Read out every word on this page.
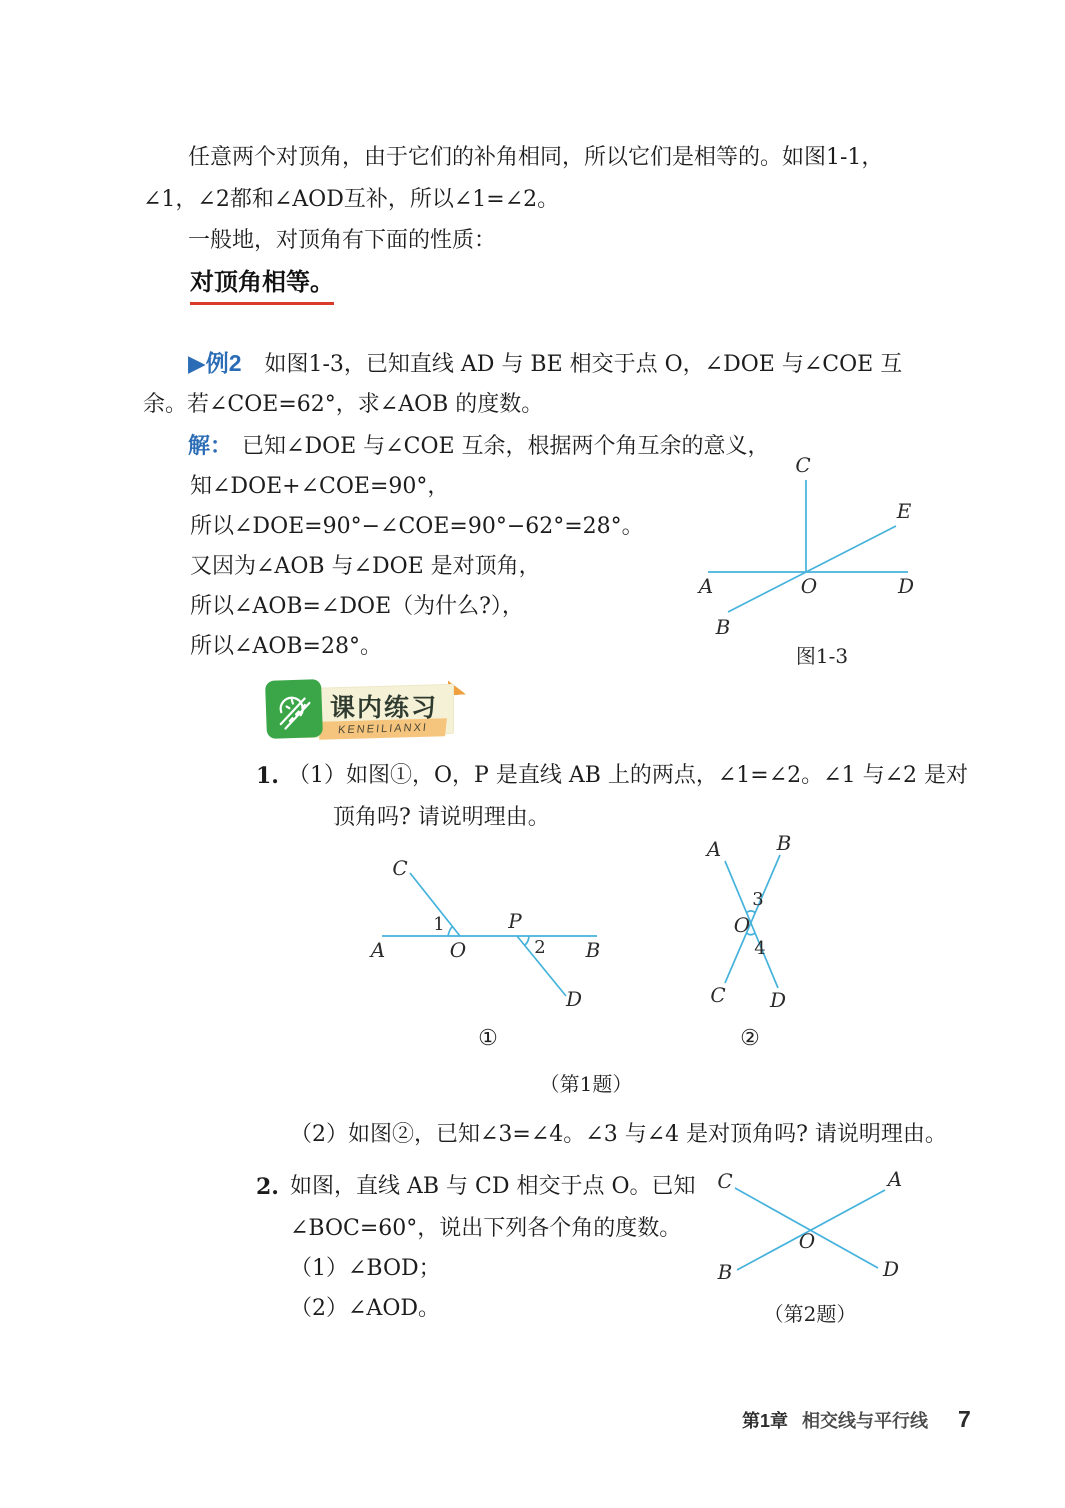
任意两个对顶角，由于它们的补角相同，所以它们是相等的。如图1-1，
∠1，∠2都和∠AOD互补，所以∠1=∠2。
一般地，对顶角有下面的性质：
对顶角相等。
▶例2 如图1-3，已知直线 AD 与 BE 相交于点 O，∠DOE 与∠COE 互
余。若∠COE=62°，求∠AOB 的度数。
解： 已知∠DOE 与∠COE 互余，根据两个角互余的意义，
知∠DOE+∠COE=90°，
所以∠DOE=90°−∠COE=90°−62°=28°。
又因为∠AOB 与∠DOE 是对顶角，
所以∠AOB=∠DOE（为什么?），
所以∠AOB=28°。
C
E
A	O	D
B
图1-3
KENEILIANXI
课内练习
1. （1）如图①，O，P 是直线 AB 上的两点，∠1=∠2。∠1 与∠2 是对
顶角吗? 请说明理由。
C
1
A	O
P
2 B
D
A	B
3
O
4
C D
①	②
（第1题）
（2）如图②，已知∠3=∠4。∠3 与∠4 是对顶角吗? 请说明理由。
2. 如图，直线 AB 与 CD 相交于点 O。已知
∠BOC=60°，说出下列各个角的度数。
（1）∠BOD；
（2）∠AOD。
C	A
O
B	D
（第2题）
第1章 相交线与平行线 7
